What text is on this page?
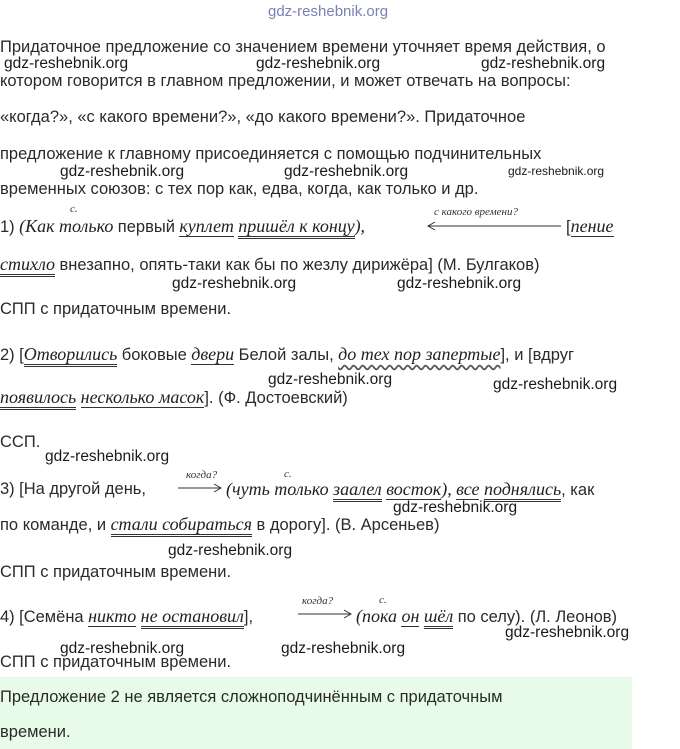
gdz-reshebnik.org
Придаточное предложение со значением времени уточняет время действия, о
котором говорится в главном предложении, и может отвечать на вопросы:
«когда?», «с какого времени?», «до какого времени?». Придаточное
предложение к главному присоединяется с помощью подчинительных
временных союзов: с тех пор как, едва, когда, как только и др.
gdz-reshebnik.org	gdz-reshebnik.org	gdz-reshebnik.org
gdz-reshebnik.org	gdz-reshebnik.org	gdz-reshebnik.org
1) (Как только первый куплет пришёл к концу),
с.	с какого времени?
[пение
стихло внезапно, опять-таки как бы по жезлу дирижёра] (М. Булгаков)
gdz-reshebnik.org	gdz-reshebnik.org
СПП с придаточным времени.
2) [Отворились боковые двери Белой залы, до тех пор запертые], и [вдруг
gdz-reshebnik.org	gdz-reshebnik.org
появилось несколько масок]. (Ф. Достоевский)
ССП.
gdz-reshebnik.org
3) [На другой день,
когда?
(чуть только заалел восток), все поднялись, как
с.
gdz-reshebnik.org
по команде, и стали собираться в дорогу]. (В. Арсеньев)
gdz-reshebnik.org
СПП с придаточным времени.
4) [Семёна никто не остановил],
когда?
(пока он шёл по селу). (Л. Леонов)
с.
gdz-reshebnik.org
gdz-reshebnik.org	gdz-reshebnik.org
СПП с придаточным времени.
Предложение 2 не является сложноподчинённым с придаточным
времени.
